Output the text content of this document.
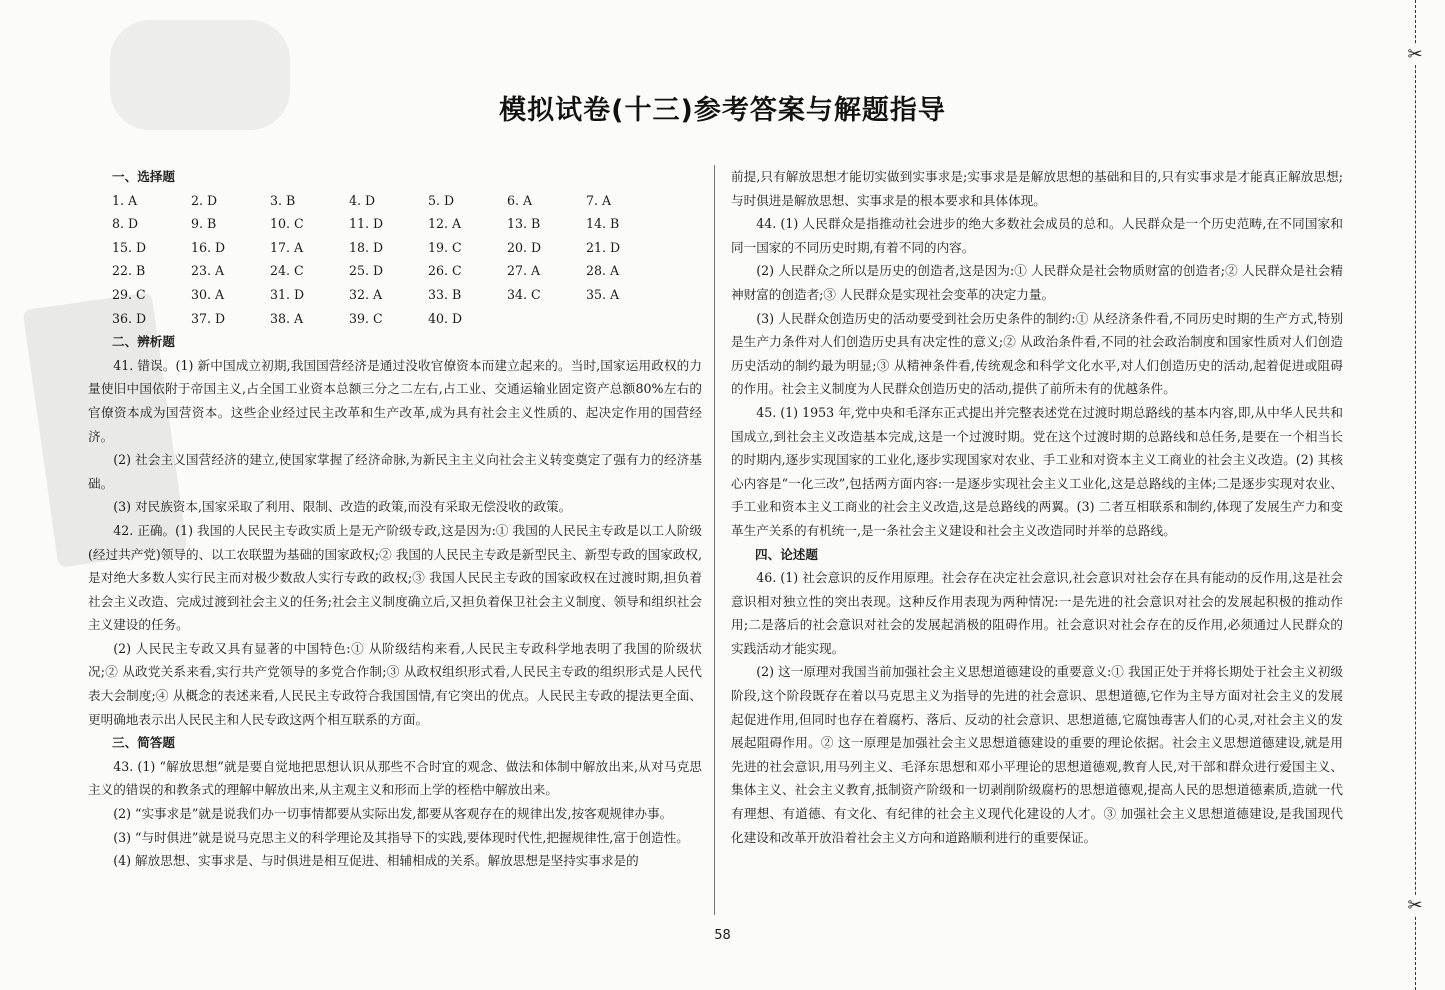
模拟试卷(十三)参考答案与解题指导

一、选择题

1. A	2. D	3. B	4. D	5. D	6. A	7. A
8. D	9. B	10. C	11. D	12. A	13. B	14. B
15. D	16. D	17. A	18. D	19. C	20. D	21. D
22. B	23. A	24. C	25. D	26. C	27. A	28. A
29. C	30. A	31. D	32. A	33. B	34. C	35. A
36. D	37. D	38. A	39. C	40. D

二、辨析题

41. 错误。(1) 新中国成立初期,我国国营经济是通过没收官僚资本而建立起来的。当时,国家运用政权的力量使旧中国依附于帝国主义,占全国工业资本总额三分之二左右,占工业、交通运输业固定资产总额80%左右的官僚资本成为国营资本。这些企业经过民主改革和生产改革,成为具有社会主义性质的、起决定作用的国营经济。

(2) 社会主义国营经济的建立,使国家掌握了经济命脉,为新民主主义向社会主义转变奠定了强有力的经济基础。

(3) 对民族资本,国家采取了利用、限制、改造的政策,而没有采取无偿没收的政策。

42. 正确。(1) 我国的人民民主专政实质上是无产阶级专政,这是因为:① 我国的人民民主专政是以工人阶级(经过共产党)领导的、以工农联盟为基础的国家政权;② 我国的人民民主专政是新型民主、新型专政的国家政权,是对绝大多数人实行民主而对极少数敌人实行专政的政权;③ 我国人民民主专政的国家政权在过渡时期,担负着社会主义改造、完成过渡到社会主义的任务;社会主义制度确立后,又担负着保卫社会主义制度、领导和组织社会主义建设的任务。

(2) 人民民主专政又具有显著的中国特色:① 从阶级结构来看,人民民主专政科学地表明了我国的阶级状况;② 从政党关系来看,实行共产党领导的多党合作制;③ 从政权组织形式看,人民民主专政的组织形式是人民代表大会制度;④ 从概念的表述来看,人民民主专政符合我国国情,有它突出的优点。人民民主专政的提法更全面、更明确地表示出人民民主和人民专政这两个相互联系的方面。

三、简答题

43. (1) “解放思想”就是要自觉地把思想认识从那些不合时宜的观念、做法和体制中解放出来,从对马克思主义的错误的和教条式的理解中解放出来,从主观主义和形而上学的桎梏中解放出来。

(2) “实事求是”就是说我们办一切事情都要从实际出发,都要从客观存在的规律出发,按客观规律办事。

(3) “与时俱进”就是说马克思主义的科学理论及其指导下的实践,要体现时代性,把握规律性,富于创造性。

(4) 解放思想、实事求是、与时俱进是相互促进、相辅相成的关系。解放思想是坚持实事求是的

前提,只有解放思想才能切实做到实事求是;实事求是是解放思想的基础和目的,只有实事求是才能真正解放思想;与时俱进是解放思想、实事求是的根本要求和具体体现。

44. (1) 人民群众是指推动社会进步的绝大多数社会成员的总和。人民群众是一个历史范畴,在不同国家和同一国家的不同历史时期,有着不同的内容。

(2) 人民群众之所以是历史的创造者,这是因为:① 人民群众是社会物质财富的创造者;② 人民群众是社会精神财富的创造者;③ 人民群众是实现社会变革的决定力量。

(3) 人民群众创造历史的活动要受到社会历史条件的制约:① 从经济条件看,不同历史时期的生产方式,特别是生产力条件对人们创造历史具有决定性的意义;② 从政治条件看,不同的社会政治制度和国家性质对人们创造历史活动的制约最为明显;③ 从精神条件看,传统观念和科学文化水平,对人们创造历史的活动,起着促进或阻碍的作用。社会主义制度为人民群众创造历史的活动,提供了前所未有的优越条件。

45. (1) 1953 年,党中央和毛泽东正式提出并完整表述党在过渡时期总路线的基本内容,即,从中华人民共和国成立,到社会主义改造基本完成,这是一个过渡时期。党在这个过渡时期的总路线和总任务,是要在一个相当长的时期内,逐步实现国家的工业化,逐步实现国家对农业、手工业和对资本主义工商业的社会主义改造。(2) 其核心内容是“一化三改”,包括两方面内容:一是逐步实现社会主义工业化,这是总路线的主体;二是逐步实现对农业、手工业和资本主义工商业的社会主义改造,这是总路线的两翼。(3) 二者互相联系和制约,体现了发展生产力和变革生产关系的有机统一,是一条社会主义建设和社会主义改造同时并举的总路线。

四、论述题

46. (1) 社会意识的反作用原理。社会存在决定社会意识,社会意识对社会存在具有能动的反作用,这是社会意识相对独立性的突出表现。这种反作用表现为两种情况:一是先进的社会意识对社会的发展起积极的推动作用;二是落后的社会意识对社会的发展起消极的阻碍作用。社会意识对社会存在的反作用,必须通过人民群众的实践活动才能实现。

(2) 这一原理对我国当前加强社会主义思想道德建设的重要意义:① 我国正处于并将长期处于社会主义初级阶段,这个阶段既存在着以马克思主义为指导的先进的社会意识、思想道德,它作为主导方面对社会主义的发展起促进作用,但同时也存在着腐朽、落后、反动的社会意识、思想道德,它腐蚀毒害人们的心灵,对社会主义的发展起阻碍作用。② 这一原理是加强社会主义思想道德建设的重要的理论依据。社会主义思想道德建设,就是用先进的社会意识,用马列主义、毛泽东思想和邓小平理论的思想道德观,教育人民,对干部和群众进行爱国主义、集体主义、社会主义教育,抵制资产阶级和一切剥削阶级腐朽的思想道德观,提高人民的思想道德素质,造就一代有理想、有道德、有文化、有纪律的社会主义现代化建设的人才。③ 加强社会主义思想道德建设,是我国现代化建设和改革开放沿着社会主义方向和道路顺利进行的重要保证。

58
✂
✂
